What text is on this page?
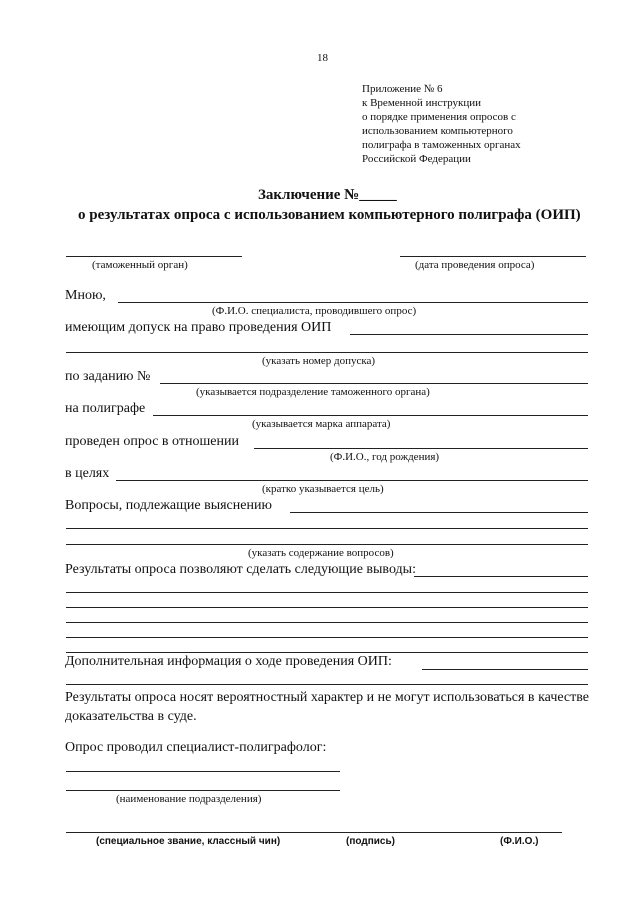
18
Приложение № 6
к Временной инструкции
о порядке применения опросов с
использованием компьютерного
полиграфа в таможенных органах
Российской Федерации
Заключение №_____
о результатах опроса с использованием компьютерного полиграфа (ОИП)
(таможенный орган)	(дата проведения опроса)
Мною,
(Ф.И.О. специалиста, проводившего опрос)
имеющим допуск на право проведения ОИП
(указать номер допуска)
по заданию №
(указывается подразделение таможенного органа)
на полиграфе
(указывается марка аппарата)
проведен опрос в отношении
(Ф.И.О., год рождения)
в целях
(кратко указывается цель)
Вопросы, подлежащие выяснению
(указать содержание вопросов)
Результаты опроса позволяют сделать следующие выводы:
Дополнительная информация о ходе проведения ОИП:
Результаты опроса носят вероятностный характер и не могут использоваться в качестве доказательства в суде.
Опрос проводил специалист-полиграфолог:
(наименование подразделения)
(специальное звание, классный чин)	(подпись)	(Ф.И.О.)
